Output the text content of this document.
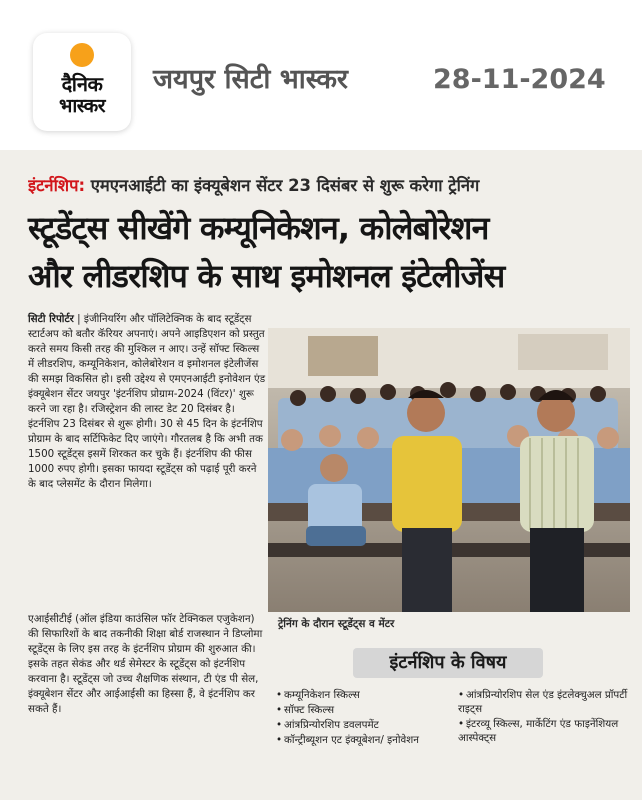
दैनिक
भास्कर
जयपुर सिटी भास्कर	28-11-2024
इंटर्नशिप: एमएनआईटी का इंक्यूबेशन सेंटर 23 दिसंबर से शुरू करेगा ट्रेनिंग
स्टूडेंट्स सीखेंगे कम्यूनिकेशन, कोलेबोरेशन
और लीडरशिप के साथ इमोशनल इंटेलीजेंस

सिटी रिपोर्टर | इंजीनियरिंग और पॉलिटेक्निक के बाद स्टूडेंट्स स्टार्टअप को बतौर कॅरियर अपनाएं। अपने आइडिएशन को प्रस्तुत करते समय किसी तरह की मुश्किल न आए। उन्हें सॉफ्ट स्किल्स में लीडरशिप, कम्यूनिकेशन, कोलेबोरेशन व इमोशनल इंटेलीजेंस की समझ विकसित हो। इसी उद्देश्य से एमएनआईटी इनोवेशन एंड इंक्यूबेशन सेंटर जयपुर 'इंटर्नशिप प्रोग्राम-2024 (विंटर)' शुरू करने जा रहा है। रजिस्ट्रेशन की लास्ट डेट 20 दिसंबर है। इंटर्नशिप 23 दिसंबर से शुरू होगी। 30 से 45 दिन के इंटर्नशिप प्रोग्राम के बाद सर्टिफिकेट दिए जाएंगे। गौरतलब है कि अभी तक 1500 स्टूडेंट्स इसमें शिरकत कर चुके हैं। इंटर्नशिप की फीस 1000 रुपए होगी। इसका फायदा स्टूडेंट्स को पढ़ाई पूरी करने के बाद प्लेसमेंट के दौरान मिलेगा।

एआईसीटीई (ऑल इंडिया काउंसिल फॉर टेक्निकल एजुकेशन) की सिफारिशों के बाद तकनीकी शिक्षा बोर्ड राजस्थान ने डिप्लोमा स्टूडेंट्स के लिए इस तरह के इंटर्नशिप प्रोग्राम की शुरुआत की। इसके तहत सेकंड और थर्ड सेमेस्टर के स्टूडेंट्स को इंटर्नशिप करवाना है। स्टूडेंट्स जो उच्च शैक्षणिक संस्थान, टी एंड पी सेल, इंक्यूबेशन सेंटर और आईआईसी का हिस्सा हैं, वे इंटर्नशिप कर सकते हैं।

ट्रेनिंग के दौरान स्टूडेंट्स व मेंटर
इंटर्नशिप के विषय
• कम्यूनिकेशन स्किल्स
• सॉफ्ट स्किल्स
• आंत्रप्रिन्योरशिप डवलपमेंट
• कॉन्ट्रीब्यूशन एट इंक्यूबेशन/ इनोवेशन
• आंत्रप्रिन्योरशिप सेल एंड इंटलेक्चुअल प्रॉपर्टी राइट्स
• इंटरव्यू स्किल्स, मार्केटिंग एंड फाइनेंशियल आस्पेक्ट्स
